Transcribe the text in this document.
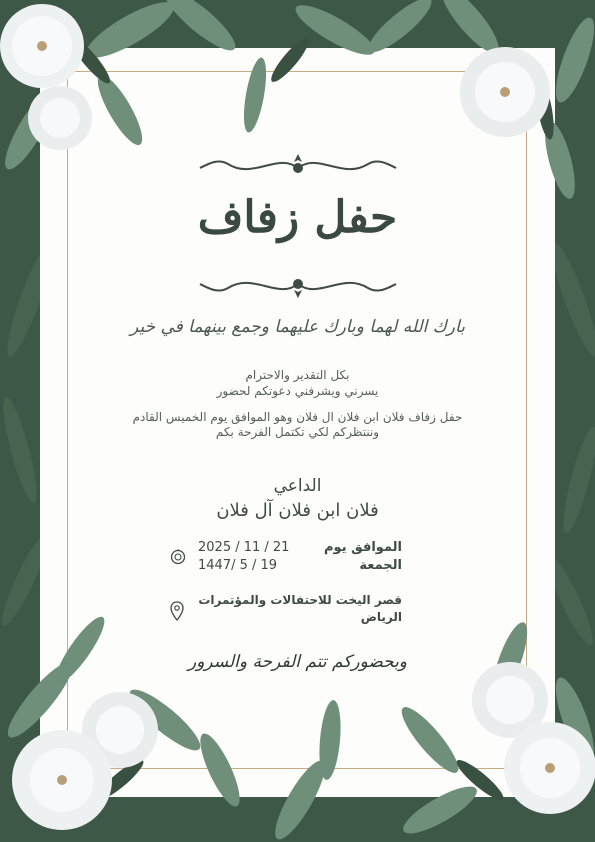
حفل زفاف
بارك الله لهما وبارك عليهما وجمع بينهما في خير
بكل التقدير والاحترام
يسرني ويشرفني دعوتكم لحضور
حفل زفاف فلان ابن فلان ال فلان وهو الموافق يوم الخميس القادم
وننتظركم لكي تكتمل الفرحة بكم
الداعي
فلان ابن فلان آل فلان
الموافق يوم
2025 / 11 / 21
الجمعة
1447/ 5 / 19
قصر اليخت للاحتفالات والمؤتمرات
الرياض
وبحضوركم تتم الفرحة والسرور
